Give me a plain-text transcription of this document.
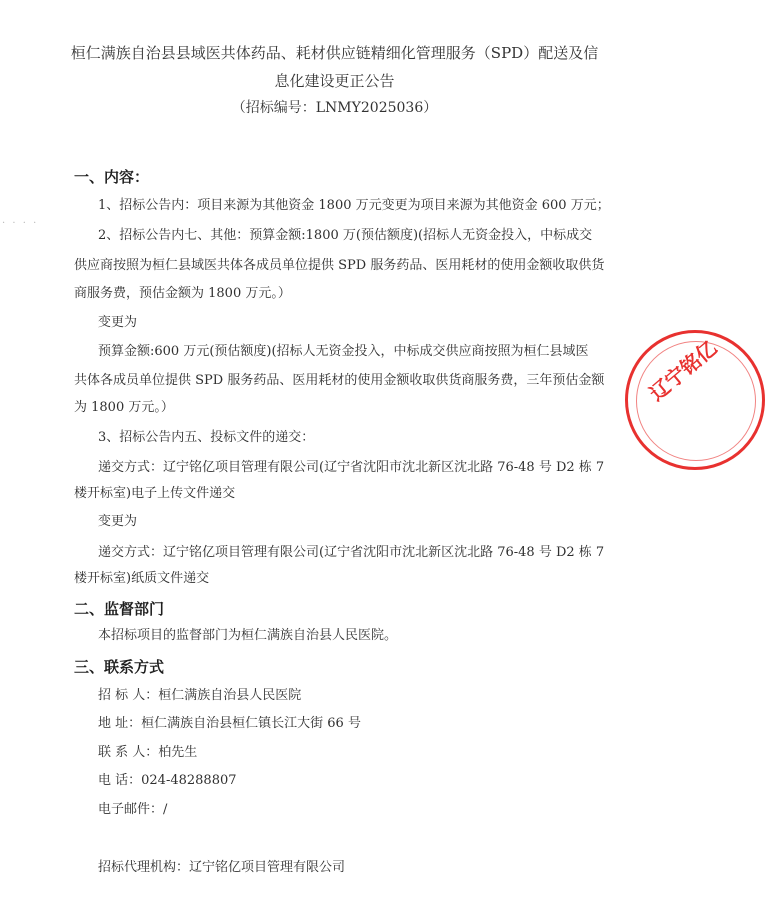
桓仁满族自治县县域医共体药品、耗材供应链精细化管理服务（SPD）配送及信
息化建设更正公告
（招标编号：LNMY2025036）
一、内容：
1、招标公告内：项目来源为其他资金 1800 万元变更为项目来源为其他资金 600 万元；
2、招标公告内七、其他：预算金额:1800 万(预估额度)(招标人无资金投入，中标成交
供应商按照为桓仁县域医共体各成员单位提供 SPD 服务药品、医用耗材的使用金额收取供货
商服务费，预估金额为 1800 万元。）
变更为
预算金额:600 万元(预估额度)(招标人无资金投入，中标成交供应商按照为桓仁县域医
共体各成员单位提供 SPD 服务药品、医用耗材的使用金额收取供货商服务费，三年预估金额
为 1800 万元。）
3、招标公告内五、投标文件的递交：
递交方式：辽宁铭亿项目管理有限公司(辽宁省沈阳市沈北新区沈北路 76-48 号 D2 栋 7
楼开标室)电子上传文件递交
变更为
递交方式：辽宁铭亿项目管理有限公司(辽宁省沈阳市沈北新区沈北路 76-48 号 D2 栋 7
楼开标室)纸质文件递交
二、监督部门
本招标项目的监督部门为桓仁满族自治县人民医院。
三、联系方式
招 标 人：桓仁满族自治县人民医院
地 址：桓仁满族自治县桓仁镇长江大街 66 号
联 系 人：柏先生
电 话：024-48288807
电子邮件：/
招标代理机构：辽宁铭亿项目管理有限公司
· · · ·
辽宁铭亿
